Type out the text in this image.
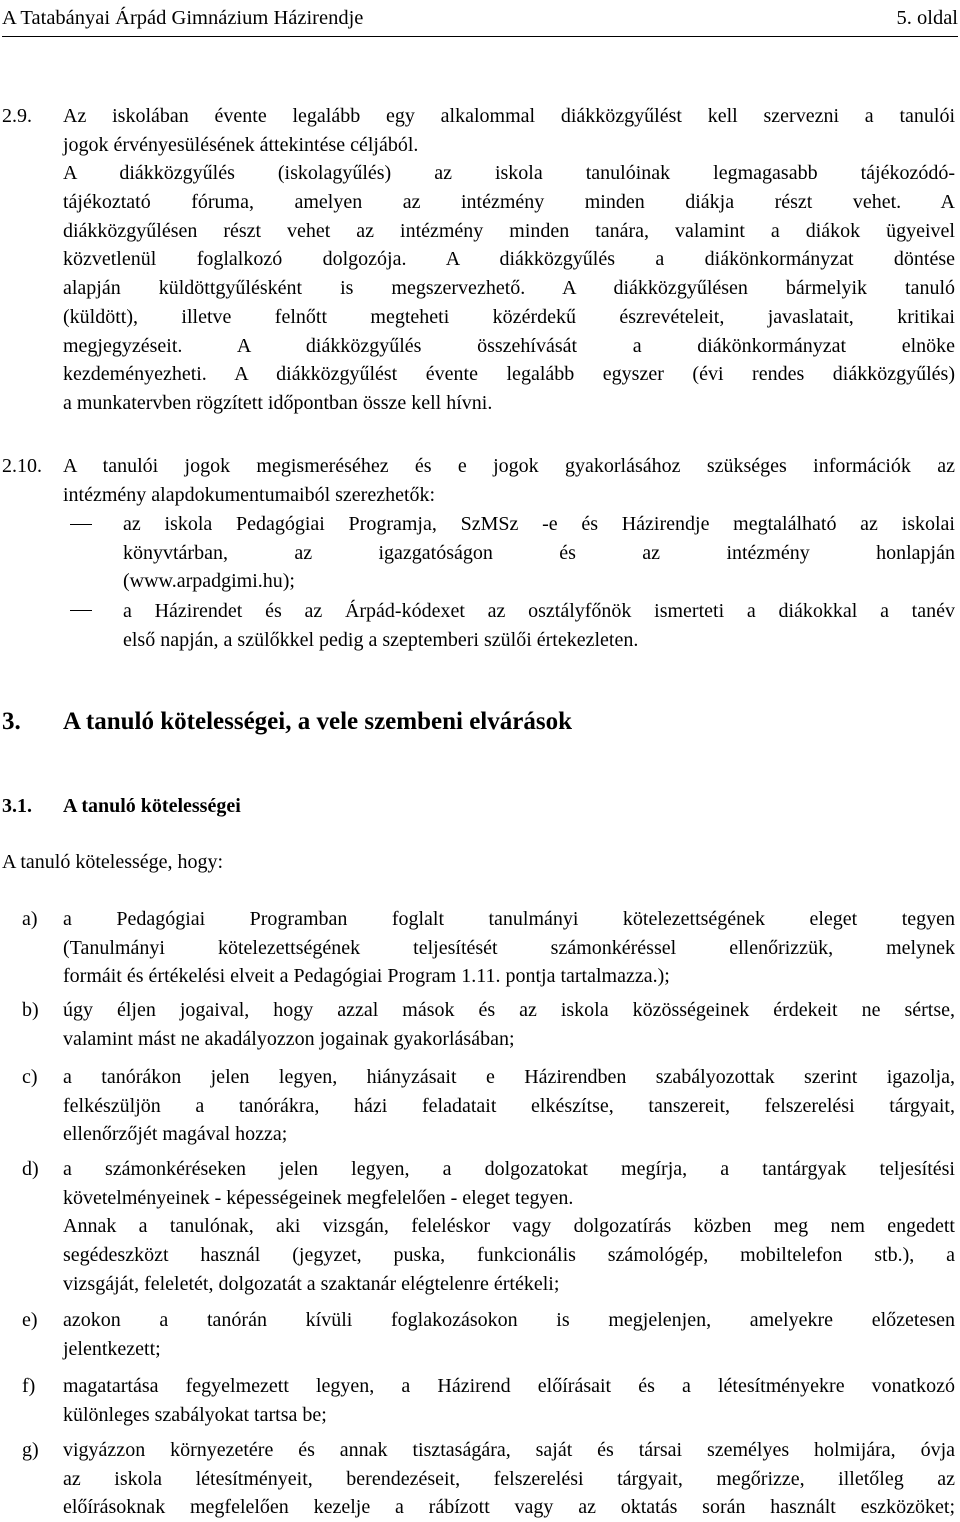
A Tatabányai Árpád Gimnázium Házirendje	5. oldal
2.9. Az iskolában évente legalább egy alkalommal diákközgyűlést kell szervezni a tanulói
jogok érvényesülésének áttekintése céljából.
A diákközgyűlés (iskolagyűlés) az iskola tanulóinak legmagasabb tájékozódó-
tájékoztató fóruma, amelyen az intézmény minden diákja részt vehet. A
diákközgyűlésen részt vehet az intézmény minden tanára, valamint a diákok ügyeivel
közvetlenül foglalkozó dolgozója. A diákközgyűlés a diákönkormányzat döntése
alapján küldöttgyűlésként is megszervezhető. A diákközgyűlésen bármelyik tanuló
(küldött), illetve felnőtt megteheti közérdekű észrevételeit, javaslatait, kritikai
megjegyzéseit. A diákközgyűlés összehívását a diákönkormányzat elnöke
kezdeményezheti. A diákközgyűlést évente legalább egyszer (évi rendes diákközgyűlés)
a munkatervben rögzített időpontban össze kell hívni.
2.10. A tanulói jogok megismeréséhez és e jogok gyakorlásához szükséges információk az
intézmény alapdokumentumaiból szerezhetők:
az iskola Pedagógiai Programja, SzMSz -e és Házirendje megtalálható az iskolai
könyvtárban, az igazgatóságon és az intézmény honlapján
(www.arpadgimi.hu);
a Házirendet és az Árpád-kódexet az osztályfőnök ismerteti a diákokkal a tanév
első napján, a szülőkkel pedig a szeptemberi szülői értekezleten.
3. A tanuló kötelességei, a vele szembeni elvárások
3.1. A tanuló kötelességei
A tanuló kötelessége, hogy:
a) a Pedagógiai Programban foglalt tanulmányi kötelezettségének eleget tegyen
(Tanulmányi kötelezettségének teljesítését számonkéréssel ellenőrizzük, melynek
formáit és értékelési elveit a Pedagógiai Program 1.11. pontja tartalmazza.);
b) úgy éljen jogaival, hogy azzal mások és az iskola közösségeinek érdekeit ne sértse,
valamint mást ne akadályozzon jogainak gyakorlásában;
c) a tanórákon jelen legyen, hiányzásait e Házirendben szabályozottak szerint igazolja,
felkészüljön a tanórákra, házi feladatait elkészítse, tanszereit, felszerelési tárgyait,
ellenőrzőjét magával hozza;
d) a számonkéréseken jelen legyen, a dolgozatokat megírja, a tantárgyak teljesítési
követelményeinek - képességeinek megfelelően - eleget tegyen.
Annak a tanulónak, aki vizsgán, feleléskor vagy dolgozatírás közben meg nem engedett
segédeszközt használ (jegyzet, puska, funkcionális számológép, mobiltelefon stb.), a
vizsgáját, feleletét, dolgozatát a szaktanár elégtelenre értékeli;
e) azokon a tanórán kívüli foglakozásokon is megjelenjen, amelyekre előzetesen
jelentkezett;
f) magatartása fegyelmezett legyen, a Házirend előírásait és a létesítményekre vonatkozó
különleges szabályokat tartsa be;
g) vigyázzon környezetére és annak tisztaságára, saját és társai személyes holmijára, óvja
az iskola létesítményeit, berendezéseit, felszerelési tárgyait, megőrizze, illetőleg az
előírásoknak megfelelően kezelje a rábízott vagy az oktatás során használt eszközöket;
